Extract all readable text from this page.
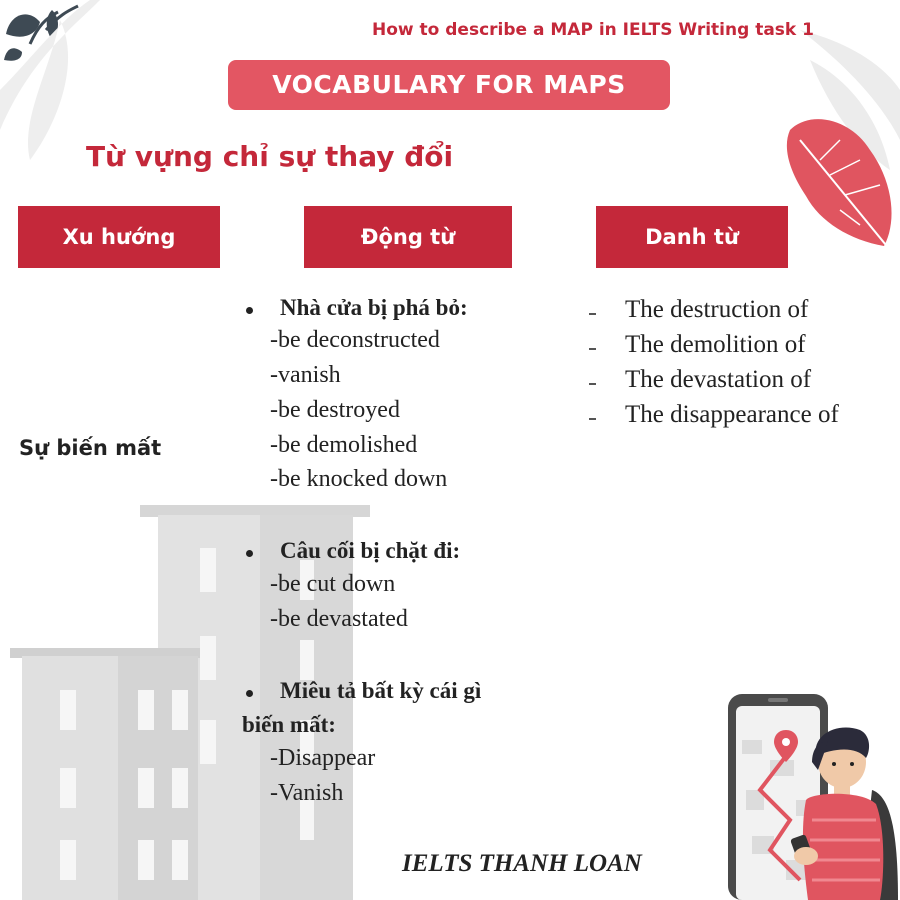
How to describe a MAP in IELTS Writing task 1
VOCABULARY FOR MAPS
Từ vựng chỉ sự thay đổi
Xu hướng	Động từ	Danh từ
Sự biến mất
Nhà cửa bị phá bỏ:
-be deconstructed
-vanish
-be destroyed
-be demolished
-be knocked down
Câu cối bị chặt đi:
-be cut down
-be devastated
Miêu tả bất kỳ cái gì
biến mất:
-Disappear
-Vanish
The destruction of
The demolition of
The devastation of
The disappearance of
IELTS THANH LOAN
